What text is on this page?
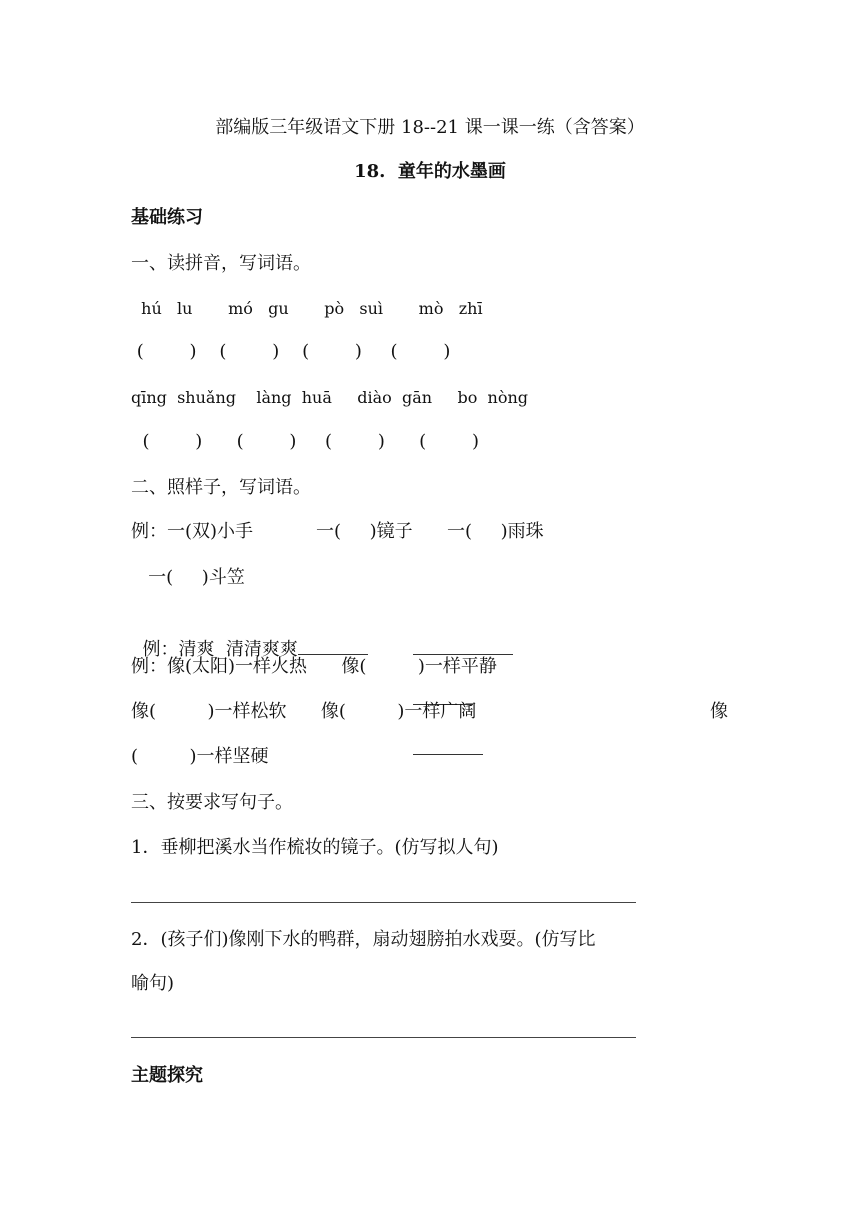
部编版三年级语文下册 18--21 课一课一练（含答案）
18.  童年的水墨画
基础练习
一、读拼音，写词语。
hú   lu       mó   gu       pò   suì       mò   zhī
(        )    (        )    (        )     (        )
qīng  shuǎng    làng  huā     diào  gān     bo  nòng
(        )      (        )     (        )      (        )
二、照样子，写词语。
例：一(双)小手           一(     )镜子      一(     )雨珠
一(     )斗笠

例：清爽  清清爽爽

例：像(太阳)一样火热      像(         )一样平静
像(         )一样松软      像(         )一样广阔	像
(         )一样坚硬
三、按要求写句子。
1．垂柳把溪水当作梳妆的镜子。(仿写拟人句)
2．(孩子们)像刚下水的鸭群，扇动翅膀拍水戏耍。(仿写比
喻句)
主题探究
